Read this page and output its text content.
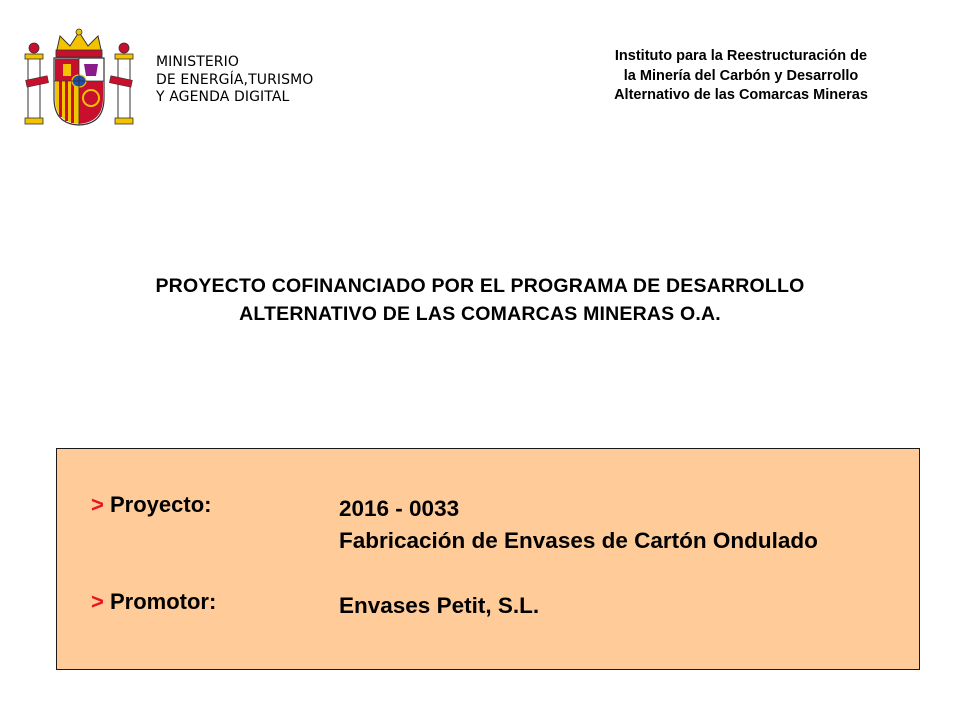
MINISTERIO
DE ENERGÍA,TURISMO
Y AGENDA DIGITAL
Instituto para la Reestructuración de
la Minería del Carbón y Desarrollo
Alternativo de las Comarcas Mineras
PROYECTO COFINANCIADO POR EL PROGRAMA DE DESARROLLO
ALTERNATIVO DE LAS COMARCAS MINERAS O.A.
> Proyecto:	2016 - 0033
Fabricación de Envases de Cartón Ondulado
> Promotor:	Envases Petit, S.L.
